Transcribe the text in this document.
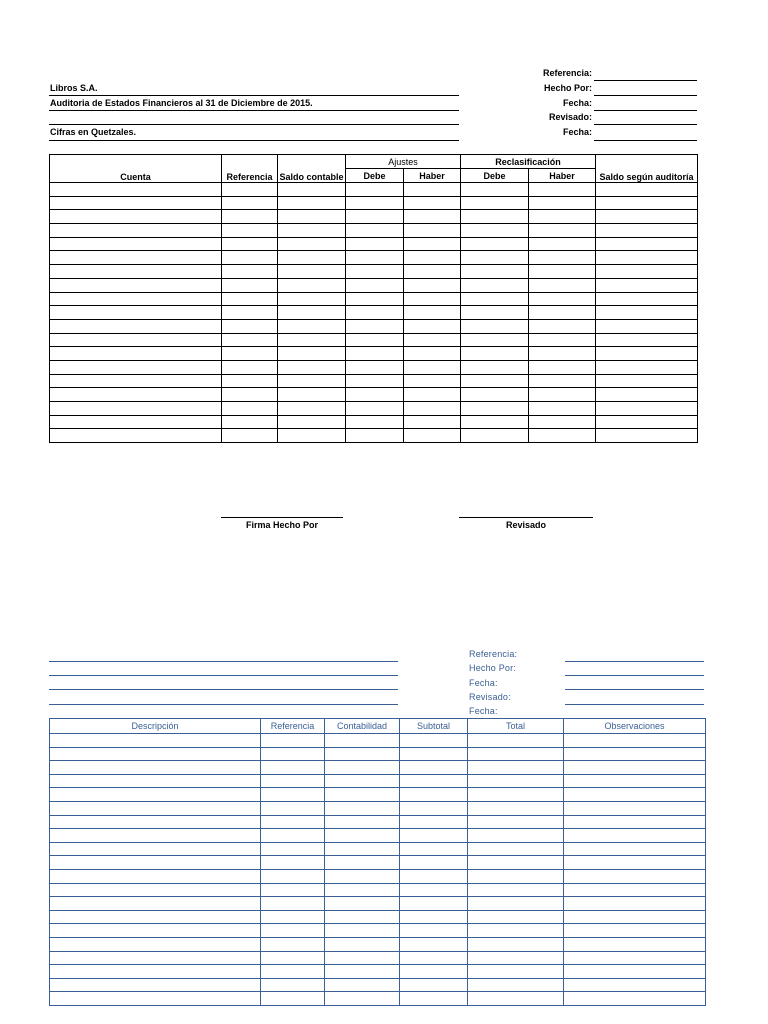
Libros S.A.
Auditoria de Estados Financieros al 31 de Diciembre de 2015.
Cifras en Quetzales.
Referencia:
Hecho Por:
Fecha:
Revisado:
Fecha:
Cuenta	Referencia	Saldo contable	Ajustes		Reclasificación		Saldo según auditoría
			Debe	Haber	Debe	Haber	

Firma Hecho Por	Revisado
Referencia:
Hecho Por:
Fecha:
Revisado:
Fecha:
Descripción	Referencia	Contabilidad	Subtotal	Total	Observaciones
